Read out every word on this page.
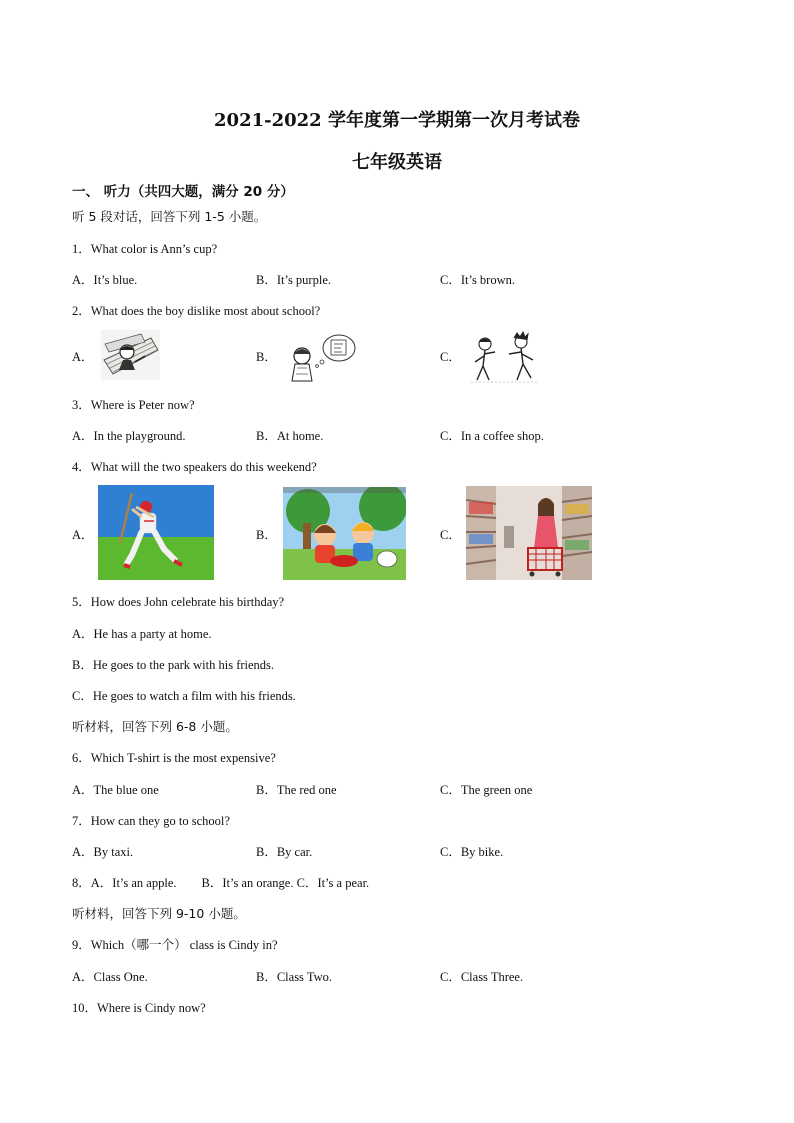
2021-2022 学年度第一学期第一次月考试卷
七年级英语
一、 听力（共四大题，满分 20 分）
听 5 段对话，回答下列 1-5 小题。
1．What color is Ann’s cup?
A．It’s blue.	B．It’s purple.	C．It’s brown.
2．What does the boy dislike most about school?
A．	B．	C．
3．Where is Peter now?
A．In the playground.	B．At home.	C．In a coffee shop.
4．What will the two speakers do this weekend?
A．	B．	C．
5．How does John celebrate his birthday?
A．He has a party at home.
B．He goes to the park with his friends.
C．He goes to watch a film with his friends.
听材料，回答下列 6-8 小题。
6．Which T-shirt is the most expensive?
A．The blue one	B．The red one	C．The green one
7．How can they go to school?
A．By taxi.	B．By car.	C．By bike.
8．A．It’s an apple.　　B．It’s an orange. C．It’s a pear.
听材料，回答下列 9-10 小题。
9．Which（哪一个） class is Cindy in?
A．Class One.	B．Class Two.	C．Class Three.
10．Where is Cindy now?
